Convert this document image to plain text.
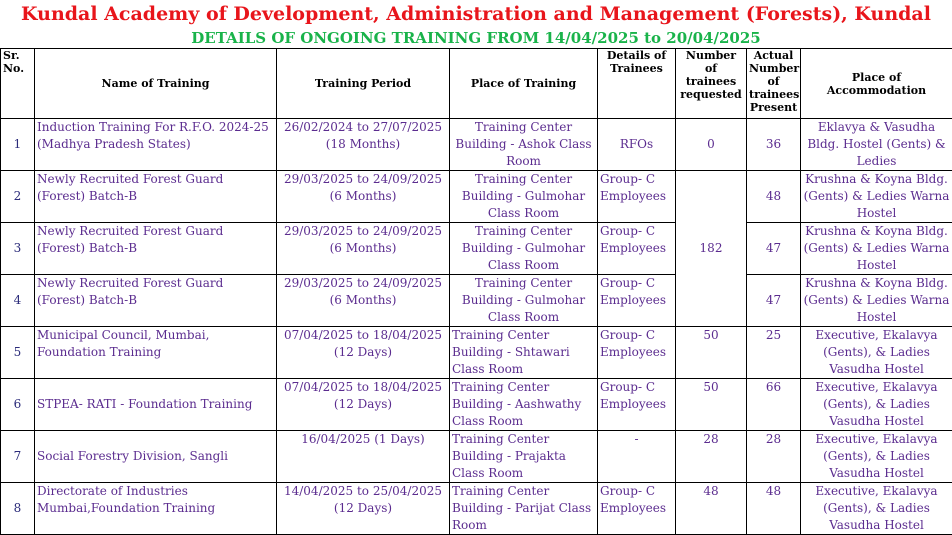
Kundal Academy of Development, Administration and Management (Forests), Kundal
DETAILS OF ONGOING TRAINING FROM 14/04/2025 to 20/04/2025
Sr. No.	Name of Training	Training Period	Place of Training	Details of Trainees	Number of trainees requested	Actual Number of trainees Present	Place of Accommodation
1	Induction Training For R.F.O. 2024-25 (Madhya Pradesh States)	26/02/2024 to 27/07/2025 (18 Months)	Training Center Building - Ashok Class Room	RFOs	0	36	Eklavya & Vasudha Bldg. Hostel (Gents) & Ledies
2	Newly Recruited Forest Guard (Forest) Batch-B	29/03/2025 to 24/09/2025 (6 Months)	Training Center Building - Gulmohar Class Room	Group- C Employees	182	48	Krushna & Koyna Bldg. (Gents) & Ledies Warna Hostel
3	Newly Recruited Forest Guard (Forest) Batch-B	29/03/2025 to 24/09/2025 (6 Months)	Training Center Building - Gulmohar Class Room	Group- C Employees		47	Krushna & Koyna Bldg. (Gents) & Ledies Warna Hostel
4	Newly Recruited Forest Guard (Forest) Batch-B	29/03/2025 to 24/09/2025 (6 Months)	Training Center Building - Gulmohar Class Room	Group- C Employees		47	Krushna & Koyna Bldg. (Gents) & Ledies Warna Hostel
5	Municipal Council, Mumbai, Foundation Training	07/04/2025 to 18/04/2025 (12 Days)	Training Center Building - Shtawari Class Room	Group- C Employees	50	25	Executive, Ekalavya (Gents), & Ladies Vasudha Hostel
6	STPEA- RATI - Foundation Training	07/04/2025 to 18/04/2025 (12 Days)	Training Center Building - Aashwathy Class Room	Group- C Employees	50	66	Executive, Ekalavya (Gents), & Ladies Vasudha Hostel
7	Social Forestry Division, Sangli	16/04/2025 (1 Days)	Training Center Building - Prajakta Class Room	-	28	28	Executive, Ekalavya (Gents), & Ladies Vasudha Hostel
8	Directorate of Industries Mumbai,Foundation Training	14/04/2025 to 25/04/2025 (12 Days)	Training Center Building - Parijat Class Room	Group- C Employees	48	48	Executive, Ekalavya (Gents), & Ladies Vasudha Hostel
